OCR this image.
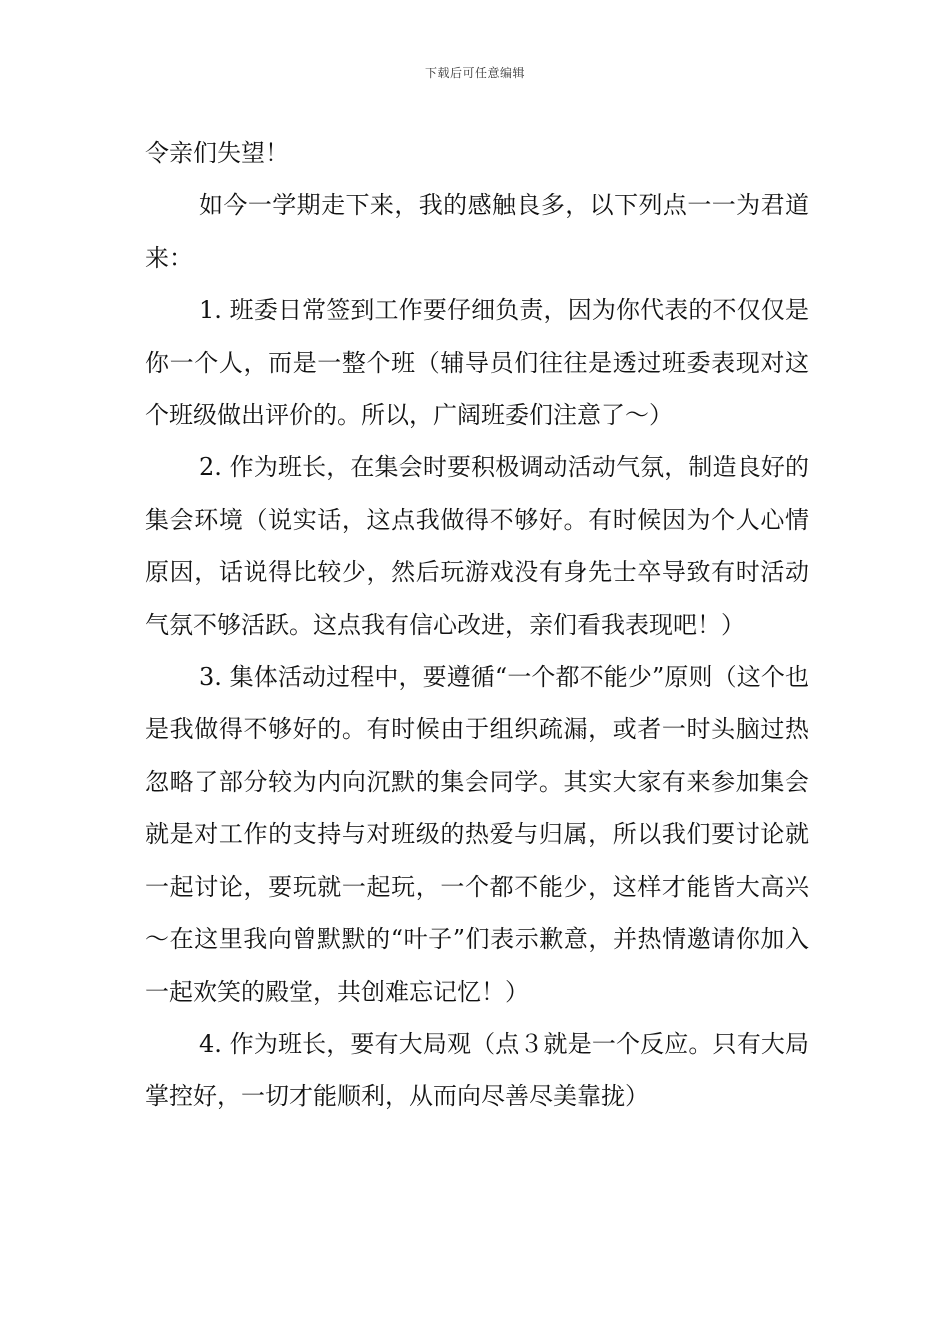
下载后可任意编辑

令亲们失望！

如今一学期走下来，我的感触良多，以下列点一一为君道来：

1. 班委日常签到工作要仔细负责，因为你代表的不仅仅是你一个人，而是一整个班（辅导员们往往是透过班委表现对这个班级做出评价的。所以，广阔班委们注意了～）

2. 作为班长，在集会时要积极调动活动气氛，制造良好的集会环境（说实话，这点我做得不够好。有时候因为个人心情原因，话说得比较少，然后玩游戏没有身先士卒导致有时活动气氛不够活跃。这点我有信心改进，亲们看我表现吧！）

3. 集体活动过程中，要遵循“一个都不能少”原则（这个也是我做得不够好的。有时候由于组织疏漏，或者一时头脑过热忽略了部分较为内向沉默的集会同学。其实大家有来参加集会就是对工作的支持与对班级的热爱与归属，所以我们要讨论就一起讨论，要玩就一起玩，一个都不能少，这样才能皆大高兴～在这里我向曾默默的“叶子”们表示歉意，并热情邀请你加入一起欢笑的殿堂，共创难忘记忆！）

4. 作为班长，要有大局观（点３就是一个反应。只有大局掌控好，一切才能顺利，从而向尽善尽美靠拢）
